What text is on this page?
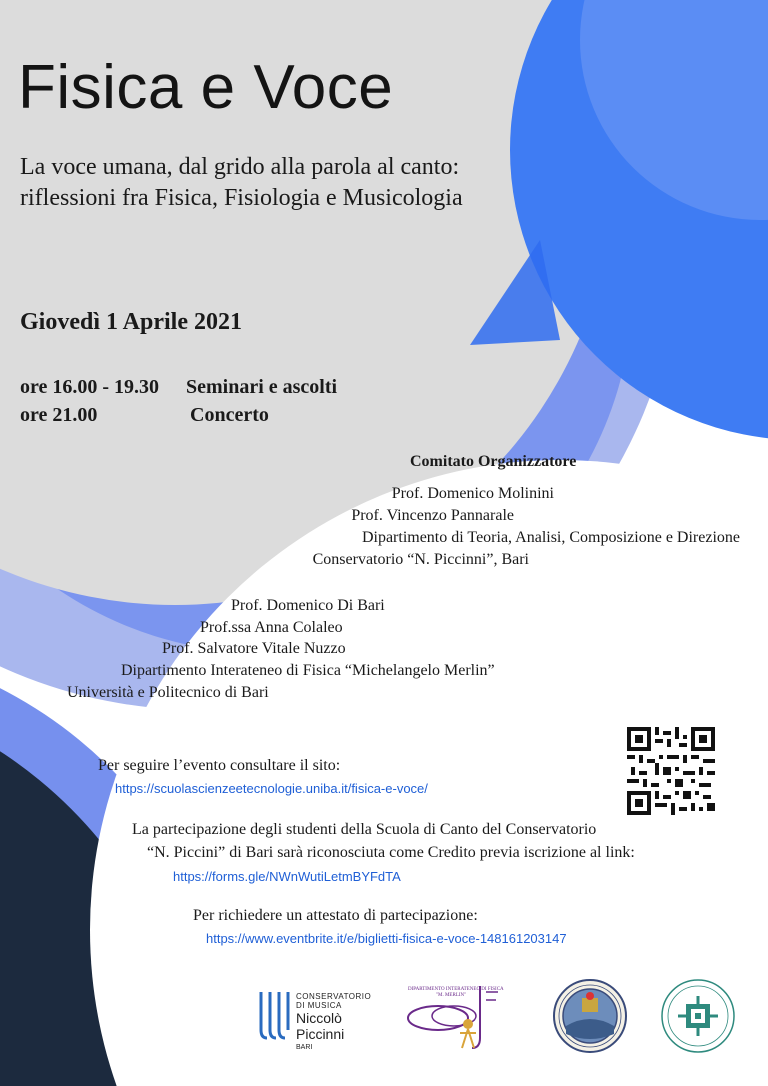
Fisica e Voce
La voce umana, dal grido alla parola al canto:
riflessioni fra Fisica, Fisiologia e Musicologia
Giovedì 1 Aprile 2021
ore 16.00 - 19.30 Seminari e ascolti
ore 21.00	Concerto
Comitato Organizzatore
Prof. Domenico Molinini
Prof. Vincenzo Pannarale
Dipartimento di Teoria, Analisi, Composizione e Direzione
Conservatorio “N. Piccinni”, Bari
Prof. Domenico Di Bari
Prof.ssa Anna Colaleo
Prof. Salvatore Vitale Nuzzo
Dipartimento Interateneo di Fisica “Michelangelo Merlin”
Università e Politecnico di Bari
Per seguire l’evento consultare il sito:
https://scuolascienzeetecnologie.uniba.it/fisica-e-voce/
La partecipazione degli studenti della Scuola di Canto del Conservatorio
“N. Piccini” di Bari sarà riconosciuta come Credito previa iscrizione al link:
https://forms.gle/NWnWutiLetmBYFdTA
Per richiedere un attestato di partecipazione:
https://www.eventbrite.it/e/biglietti-fisica-e-voce-148161203147
CONSERVATORIO
DI MUSICA
Niccolò
Piccinni
BARI
DIPARTIMENTO INTERATENEO DI FISICA
"M. MERLIN"
